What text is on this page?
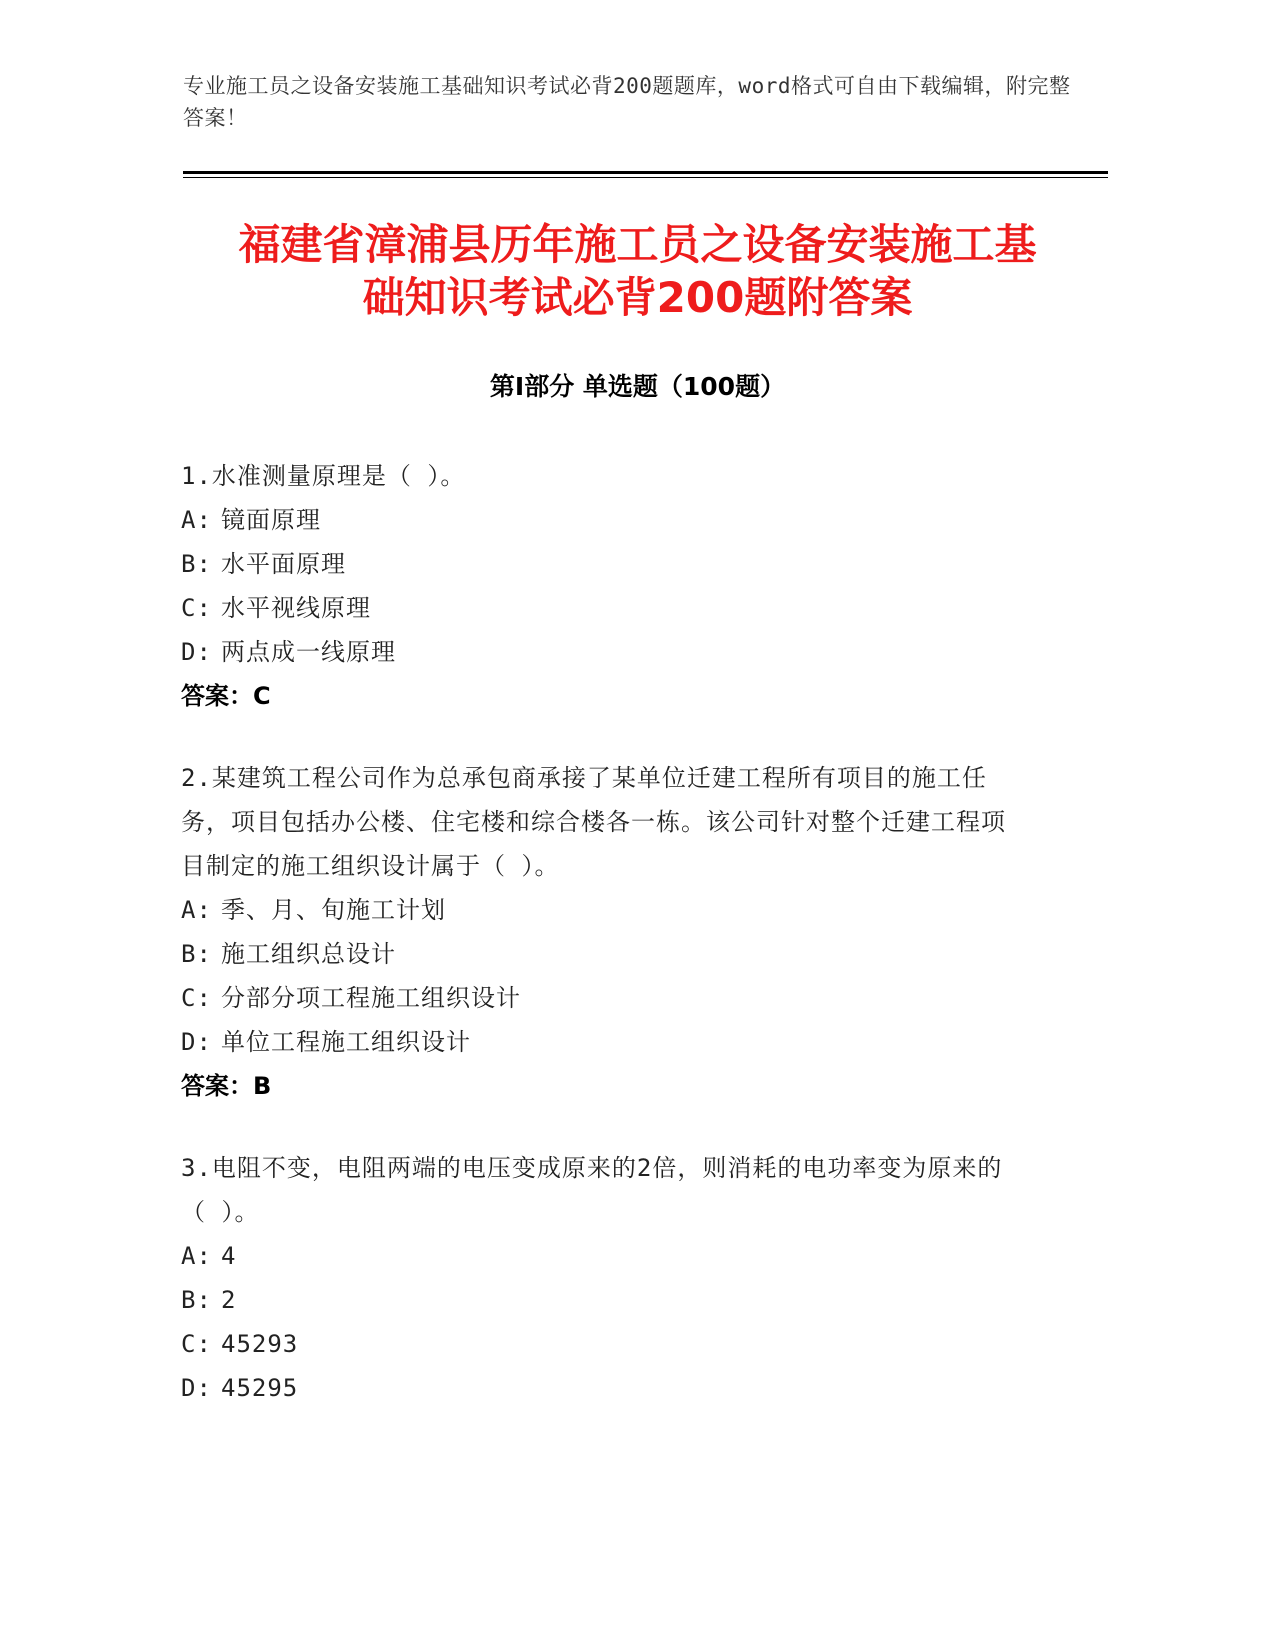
专业施工员之设备安装施工基础知识考试必背200题题库，word格式可自由下载编辑，附完整答案！
福建省漳浦县历年施工员之设备安装施工基
础知识考试必背200题附答案
第Ⅰ部分 单选题（100题）
1.水准测量原理是（ ）。
A: 镜面原理
B: 水平面原理
C: 水平视线原理
D: 两点成一线原理
答案：C
2.某建筑工程公司作为总承包商承接了某单位迁建工程所有项目的施工任务，项目包括办公楼、住宅楼和综合楼各一栋。该公司针对整个迁建工程项目制定的施工组织设计属于（ ）。
A: 季、月、旬施工计划
B: 施工组织总设计
C: 分部分项工程施工组织设计
D: 单位工程施工组织设计
答案：B
3.电阻不变，电阻两端的电压变成原来的2倍，则消耗的电功率变为原来的（ ）。
A: 4
B: 2
C: 45293
D: 45295
